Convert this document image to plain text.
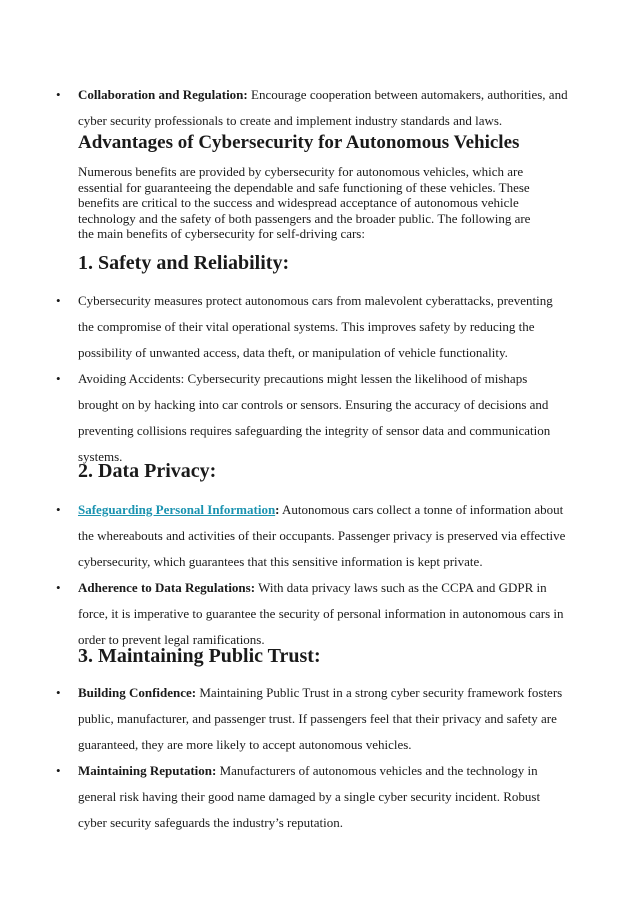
• Collaboration and Regulation: Encourage cooperation between automakers, authorities, and cyber security professionals to create and implement industry standards and laws.
Advantages of Cybersecurity for Autonomous Vehicles

Numerous benefits are provided by cybersecurity for autonomous vehicles, which are essential for guaranteeing the dependable and safe functioning of these vehicles. These benefits are critical to the success and widespread acceptance of autonomous vehicle technology and the safety of both passengers and the broader public. The following are the main benefits of cybersecurity for self-driving cars:

1. Safety and Reliability:
• Cybersecurity measures protect autonomous cars from malevolent cyberattacks, preventing the compromise of their vital operational systems. This improves safety by reducing the possibility of unwanted access, data theft, or manipulation of vehicle functionality.
• Avoiding Accidents: Cybersecurity precautions might lessen the likelihood of mishaps brought on by hacking into car controls or sensors. Ensuring the accuracy of decisions and preventing collisions requires safeguarding the integrity of sensor data and communication systems.
2. Data Privacy:
• Safeguarding Personal Information: Autonomous cars collect a tonne of information about the whereabouts and activities of their occupants. Passenger privacy is preserved via effective cybersecurity, which guarantees that this sensitive information is kept private.
• Adherence to Data Regulations: With data privacy laws such as the CCPA and GDPR in force, it is imperative to guarantee the security of personal information in autonomous cars in order to prevent legal ramifications.
3. Maintaining Public Trust:
• Building Confidence: Maintaining Public Trust in a strong cyber security framework fosters public, manufacturer, and passenger trust. If passengers feel that their privacy and safety are guaranteed, they are more likely to accept autonomous vehicles.
• Maintaining Reputation: Manufacturers of autonomous vehicles and the technology in general risk having their good name damaged by a single cyber security incident. Robust cyber security safeguards the industry’s reputation.
